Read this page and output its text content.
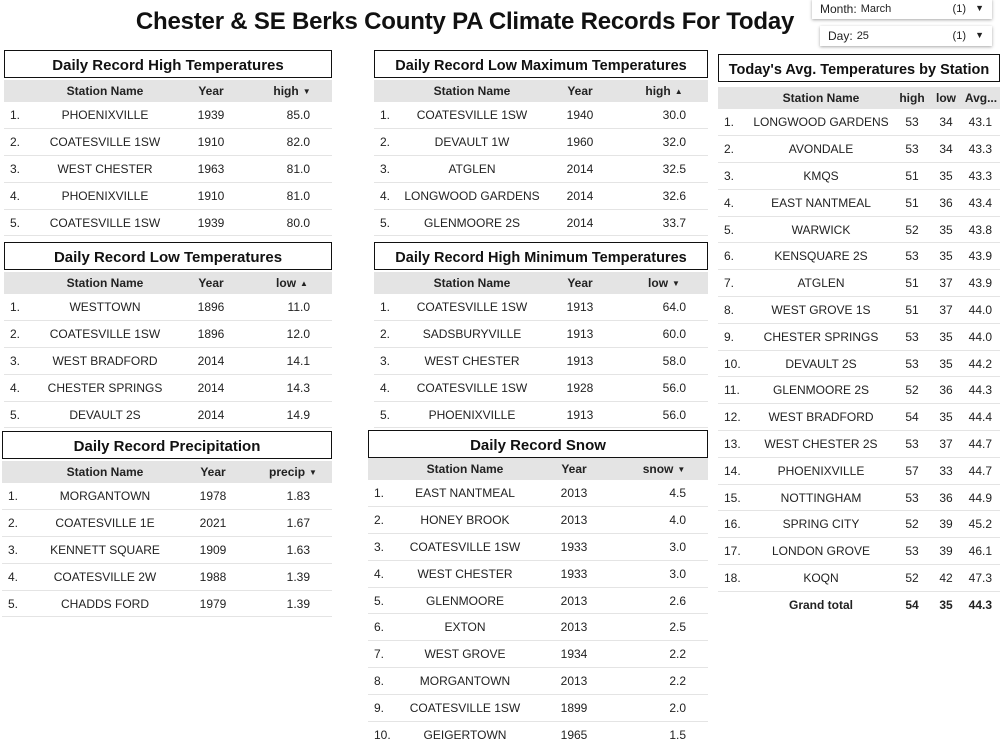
Chester & SE Berks County PA Climate Records For Today	Month: March	(1) ▼
Day: 25	(1) ▼
Daily Record High Temperatures
	Station Name	Year	high ▼
1.	PHOENIXVILLE	1939	85.0
2.	COATESVILLE 1SW	1910	82.0
3.	WEST CHESTER	1963	81.0
4.	PHOENIXVILLE	1910	81.0
5.	COATESVILLE 1SW	1939	80.0
Daily Record Low Temperatures
	Station Name	Year	low ▲
1.	WESTTOWN	1896	11.0
2.	COATESVILLE 1SW	1896	12.0
3.	WEST BRADFORD	2014	14.1
4.	CHESTER SPRINGS	2014	14.3
5.	DEVAULT 2S	2014	14.9
Daily Record Precipitation
	Station Name	Year	precip ▼
1.	MORGANTOWN	1978	1.83
2.	COATESVILLE 1E	2021	1.67
3.	KENNETT SQUARE	1909	1.63
4.	COATESVILLE 2W	1988	1.39
5.	CHADDS FORD	1979	1.39
Daily Record Low Maximum Temperatures
	Station Name	Year	high ▲
1.	COATESVILLE 1SW	1940	30.0
2.	DEVAULT 1W	1960	32.0
3.	ATGLEN	2014	32.5
4.	LONGWOOD GARDENS	2014	32.6
5.	GLENMOORE 2S	2014	33.7
Daily Record High Minimum Temperatures
	Station Name	Year	low ▼
1.	COATESVILLE 1SW	1913	64.0
2.	SADSBURYVILLE	1913	60.0
3.	WEST CHESTER	1913	58.0
4.	COATESVILLE 1SW	1928	56.0
5.	PHOENIXVILLE	1913	56.0
Daily Record Snow
	Station Name	Year	snow ▼
1.	EAST NANTMEAL	2013	4.5
2.	HONEY BROOK	2013	4.0
3.	COATESVILLE 1SW	1933	3.0
4.	WEST CHESTER	1933	3.0
5.	GLENMOORE	2013	2.6
6.	EXTON	2013	2.5
7.	WEST GROVE	1934	2.2
8.	MORGANTOWN	2013	2.2
9.	COATESVILLE 1SW	1899	2.0
10.	GEIGERTOWN	1965	1.5
Today's Avg. Temperatures by Station
	Station Name	high	low	Avg...
1.	LONGWOOD GARDENS	53	34	43.1
2.	AVONDALE	53	34	43.3
3.	KMQS	51	35	43.3
4.	EAST NANTMEAL	51	36	43.4
5.	WARWICK	52	35	43.8
6.	KENSQUARE 2S	53	35	43.9
7.	ATGLEN	51	37	43.9
8.	WEST GROVE 1S	51	37	44.0
9.	CHESTER SPRINGS	53	35	44.0
10.	DEVAULT 2S	53	35	44.2
11.	GLENMOORE 2S	52	36	44.3
12.	WEST BRADFORD	54	35	44.4
13.	WEST CHESTER 2S	53	37	44.7
14.	PHOENIXVILLE	57	33	44.7
15.	NOTTINGHAM	53	36	44.9
16.	SPRING CITY	52	39	45.2
17.	LONDON GROVE	53	39	46.1
18.	KOQN	52	42	47.3
	Grand total	54	35	44.3
